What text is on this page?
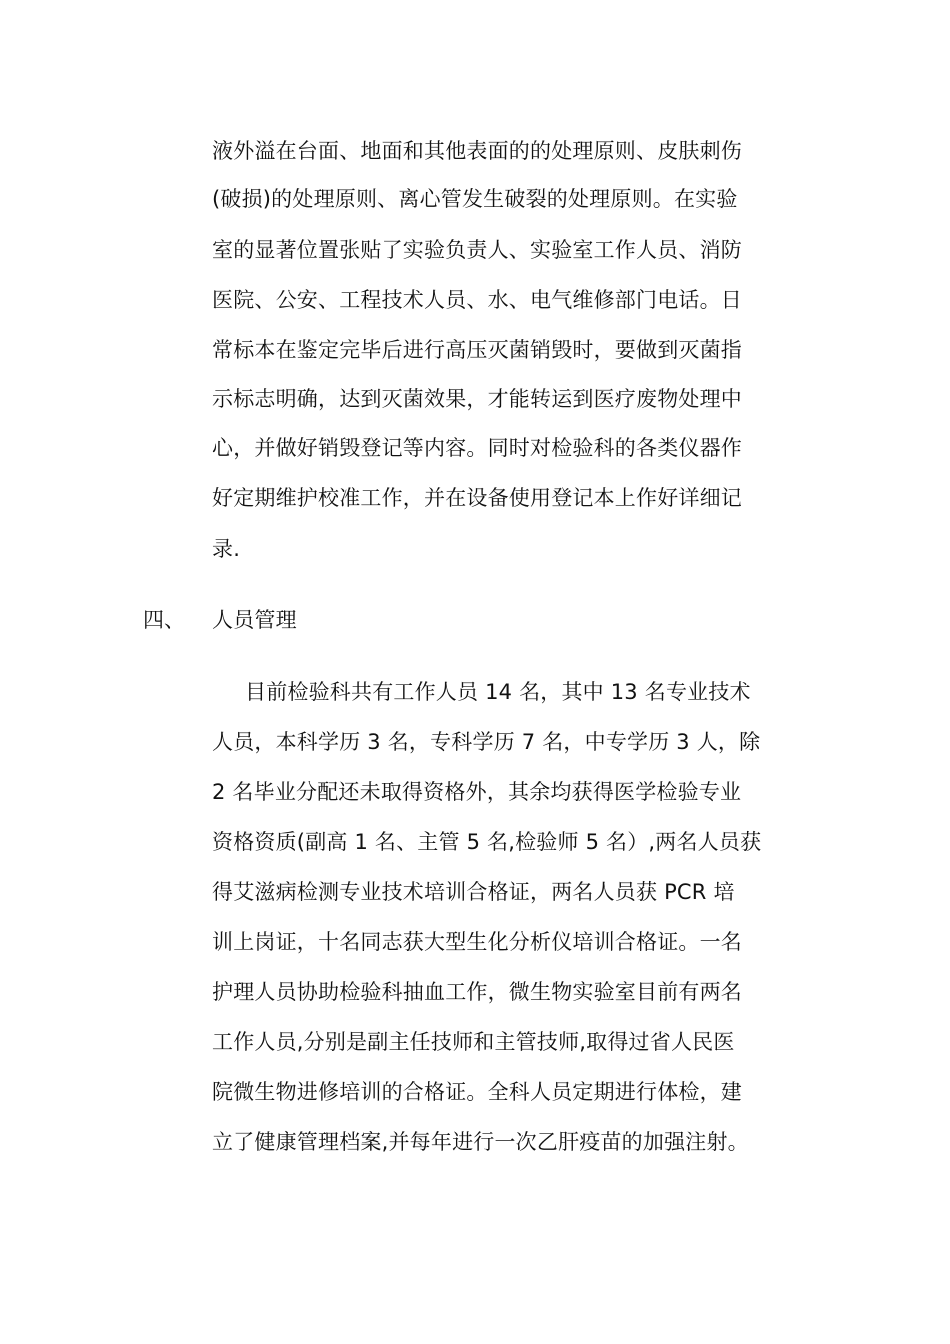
液外溢在台面、地面和其他表面的的处理原则、皮肤刺伤
(破损)的处理原则、离心管发生破裂的处理原则。在实验
室的显著位置张贴了实验负责人、实验室工作人员、消防
医院、公安、工程技术人员、水、电气维修部门电话。日
常标本在鉴定完毕后进行高压灭菌销毁时，要做到灭菌指
示标志明确，达到灭菌效果，才能转运到医疗废物处理中
心，并做好销毁登记等内容。同时对检验科的各类仪器作
好定期维护校准工作，并在设备使用登记本上作好详细记
录.
四、 人员管理
目前检验科共有工作人员 14 名，其中 13 名专业技术
人员，本科学历 3 名，专科学历 7 名，中专学历 3 人，除
2 名毕业分配还未取得资格外，其余均获得医学检验专业
资格资质(副高 1 名、主管 5 名,检验师 5 名）,两名人员获
得艾滋病检测专业技术培训合格证，两名人员获 PCR 培
训上岗证，十名同志获大型生化分析仪培训合格证。一名
护理人员协助检验科抽血工作，微生物实验室目前有两名
工作人员,分别是副主任技师和主管技师,取得过省人民医
院微生物进修培训的合格证。全科人员定期进行体检，建
立了健康管理档案,并每年进行一次乙肝疫苗的加强注射。
